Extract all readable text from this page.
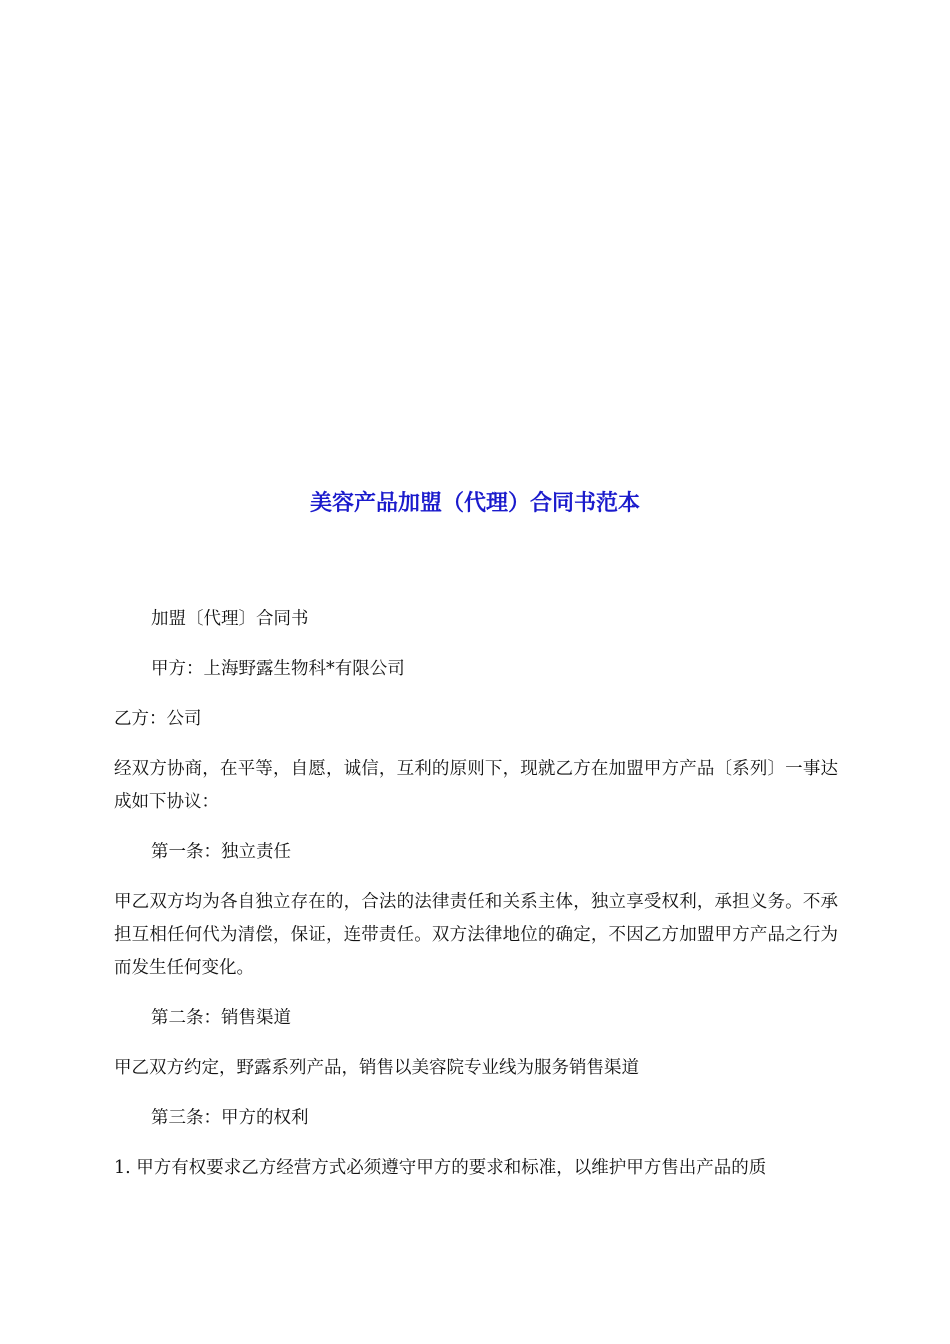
美容产品加盟（代理）合同书范本

加盟〔代理〕合同书

甲方：上海野露生物科*有限公司

乙方：公司

经双方协商，在平等，自愿，诚信，互利的原则下，现就乙方在加盟甲方产品〔系列〕一事达成如下协议：

第一条：独立责任

甲乙双方均为各自独立存在的，合法的法律责任和关系主体，独立享受权利，承担义务。不承担互相任何代为清偿，保证，连带责任。双方法律地位的确定，不因乙方加盟甲方产品之行为而发生任何变化。

第二条：销售渠道

甲乙双方约定，野露系列产品，销售以美容院专业线为服务销售渠道

第三条：甲方的权利

1. 甲方有权要求乙方经营方式必须遵守甲方的要求和标准，以维护甲方售出产品的质
